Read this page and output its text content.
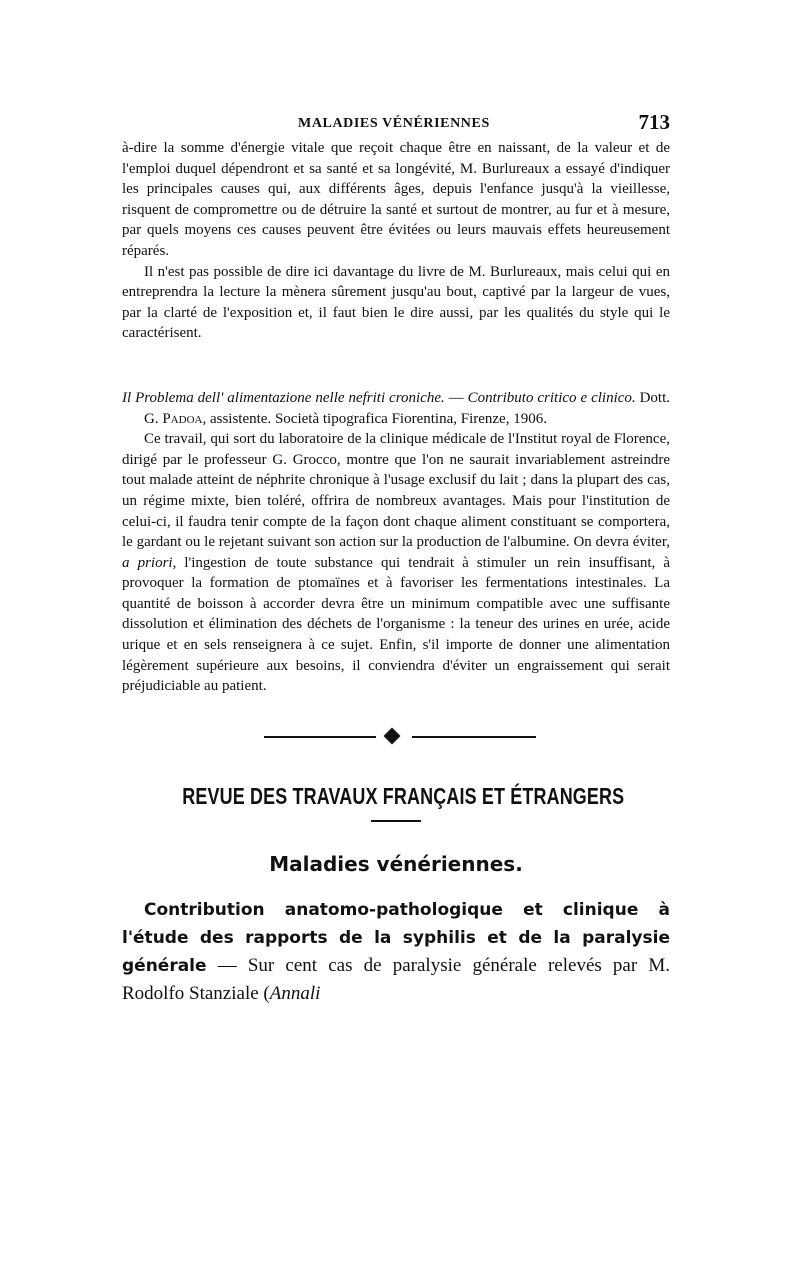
MALADIES VÉNÉRIENNES	713

à-dire la somme d'énergie vitale que reçoit chaque être en naissant, de la valeur et de l'emploi duquel dépendront et sa santé et sa longévité, M. Burlureaux a essayé d'indiquer les principales causes qui, aux différents âges, depuis l'enfance jusqu'à la vieillesse, risquent de compromettre ou de détruire la santé et surtout de montrer, au fur et à mesure, par quels moyens ces causes peuvent être évitées ou leurs mauvais effets heureusement réparés.

Il n'est pas possible de dire ici davantage du livre de M. Burlureaux, mais celui qui en entreprendra la lecture la mènera sûrement jusqu'au bout, captivé par la largeur de vues, par la clarté de l'exposition et, il faut bien le dire aussi, par les qualités du style qui le caractérisent.

Il Problema dell' alimentazione nelle nefriti croniche. — Contributo critico e clinico. Dott. G. Padoa, assistente. Società tipografica Fiorentina, Firenze, 1906.

Ce travail, qui sort du laboratoire de la clinique médicale de l'Institut royal de Florence, dirigé par le professeur G. Grocco, montre que l'on ne saurait invariablement astreindre tout malade atteint de néphrite chronique à l'usage exclusif du lait ; dans la plupart des cas, un régime mixte, bien toléré, offrira de nombreux avantages. Mais pour l'institution de celui-ci, il faudra tenir compte de la façon dont chaque aliment constituant se comportera, le gardant ou le rejetant suivant son action sur la production de l'albumine. On devra éviter, a priori, l'ingestion de toute substance qui tendrait à stimuler un rein insuffisant, à provoquer la formation de ptomaïnes et à favoriser les fermentations intestinales. La quantité de boisson à accorder devra être un minimum compatible avec une suffisante dissolution et élimination des déchets de l'organisme : la teneur des urines en urée, acide urique et en sels renseignera à ce sujet. Enfin, s'il importe de donner une alimentation légèrement supérieure aux besoins, il conviendra d'éviter un engraissement qui serait préjudiciable au patient.

REVUE DES TRAVAUX FRANÇAIS ET ÉTRANGERS
Maladies vénériennes.

Contribution anatomo-pathologique et clinique à l'étude des rapports de la syphilis et de la paralysie générale — Sur cent cas de paralysie générale relevés par M. Rodolfo Stanziale (Annali
